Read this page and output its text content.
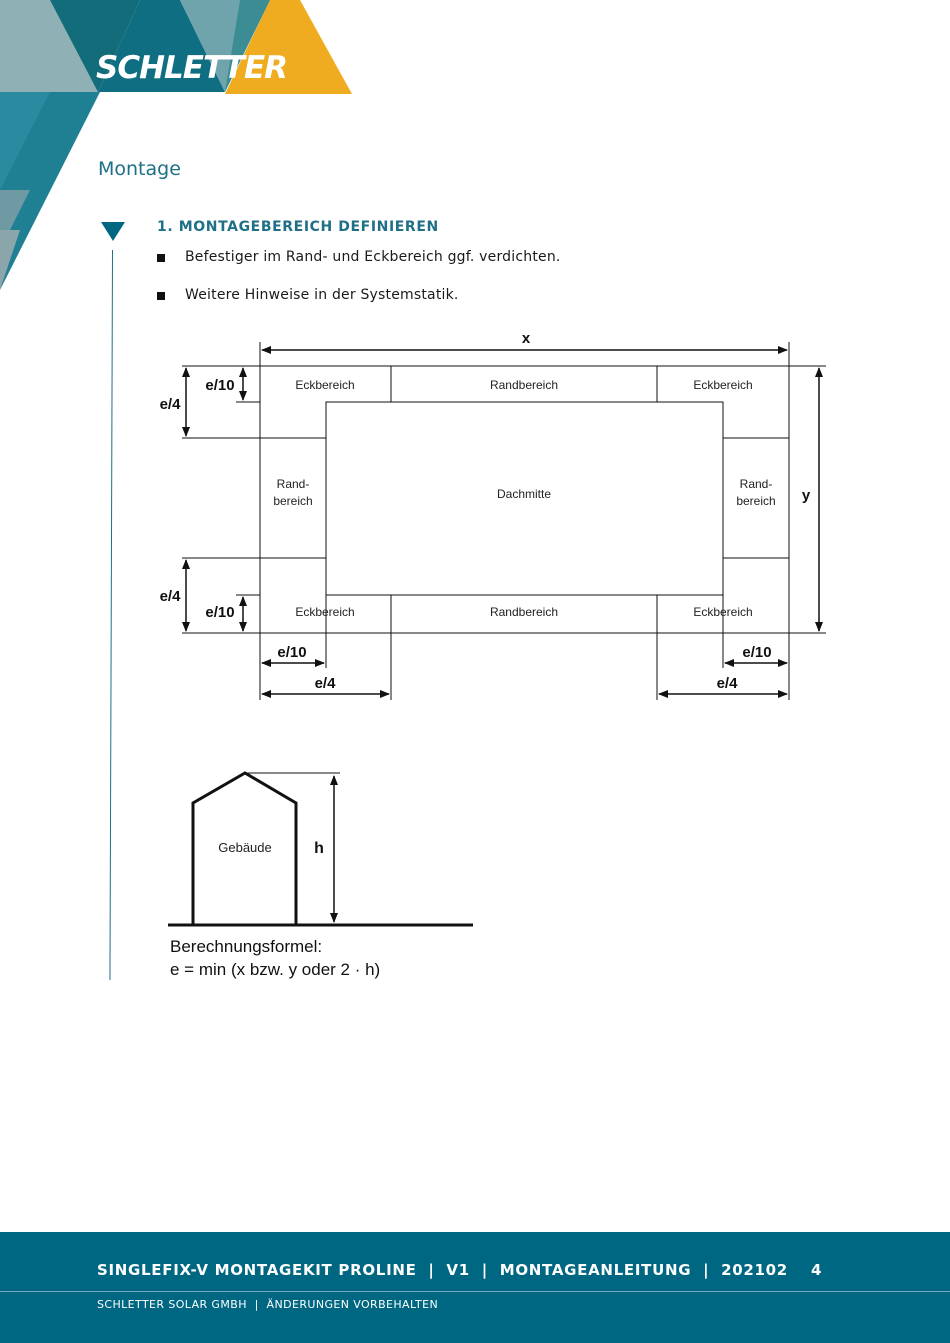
SCHLETTER
Montage
1. MONTAGEBEREICH DEFINIEREN
Befestiger im Rand- und Eckbereich ggf. verdichten.
Weitere Hinweise in der Systemstatik.
Eckbereich	Randbereich	Eckbereich
Eckbereich	Randbereich	Eckbereich
Rand-
bereich
Rand-
bereich
Dachmitte
x
y
e/4
e/10
e/4
e/10
e/10
e/4
e/10
e/4
Gebäude	h
Berechnungsformel:
e = min (x bzw. y oder 2 · h)
SINGLEFIX-V MONTAGEKIT PROLINE  |  V1  |  MONTAGEANLEITUNG  |  202102 4
SCHLETTER SOLAR GMBH  |  ÄNDERUNGEN VORBEHALTEN
